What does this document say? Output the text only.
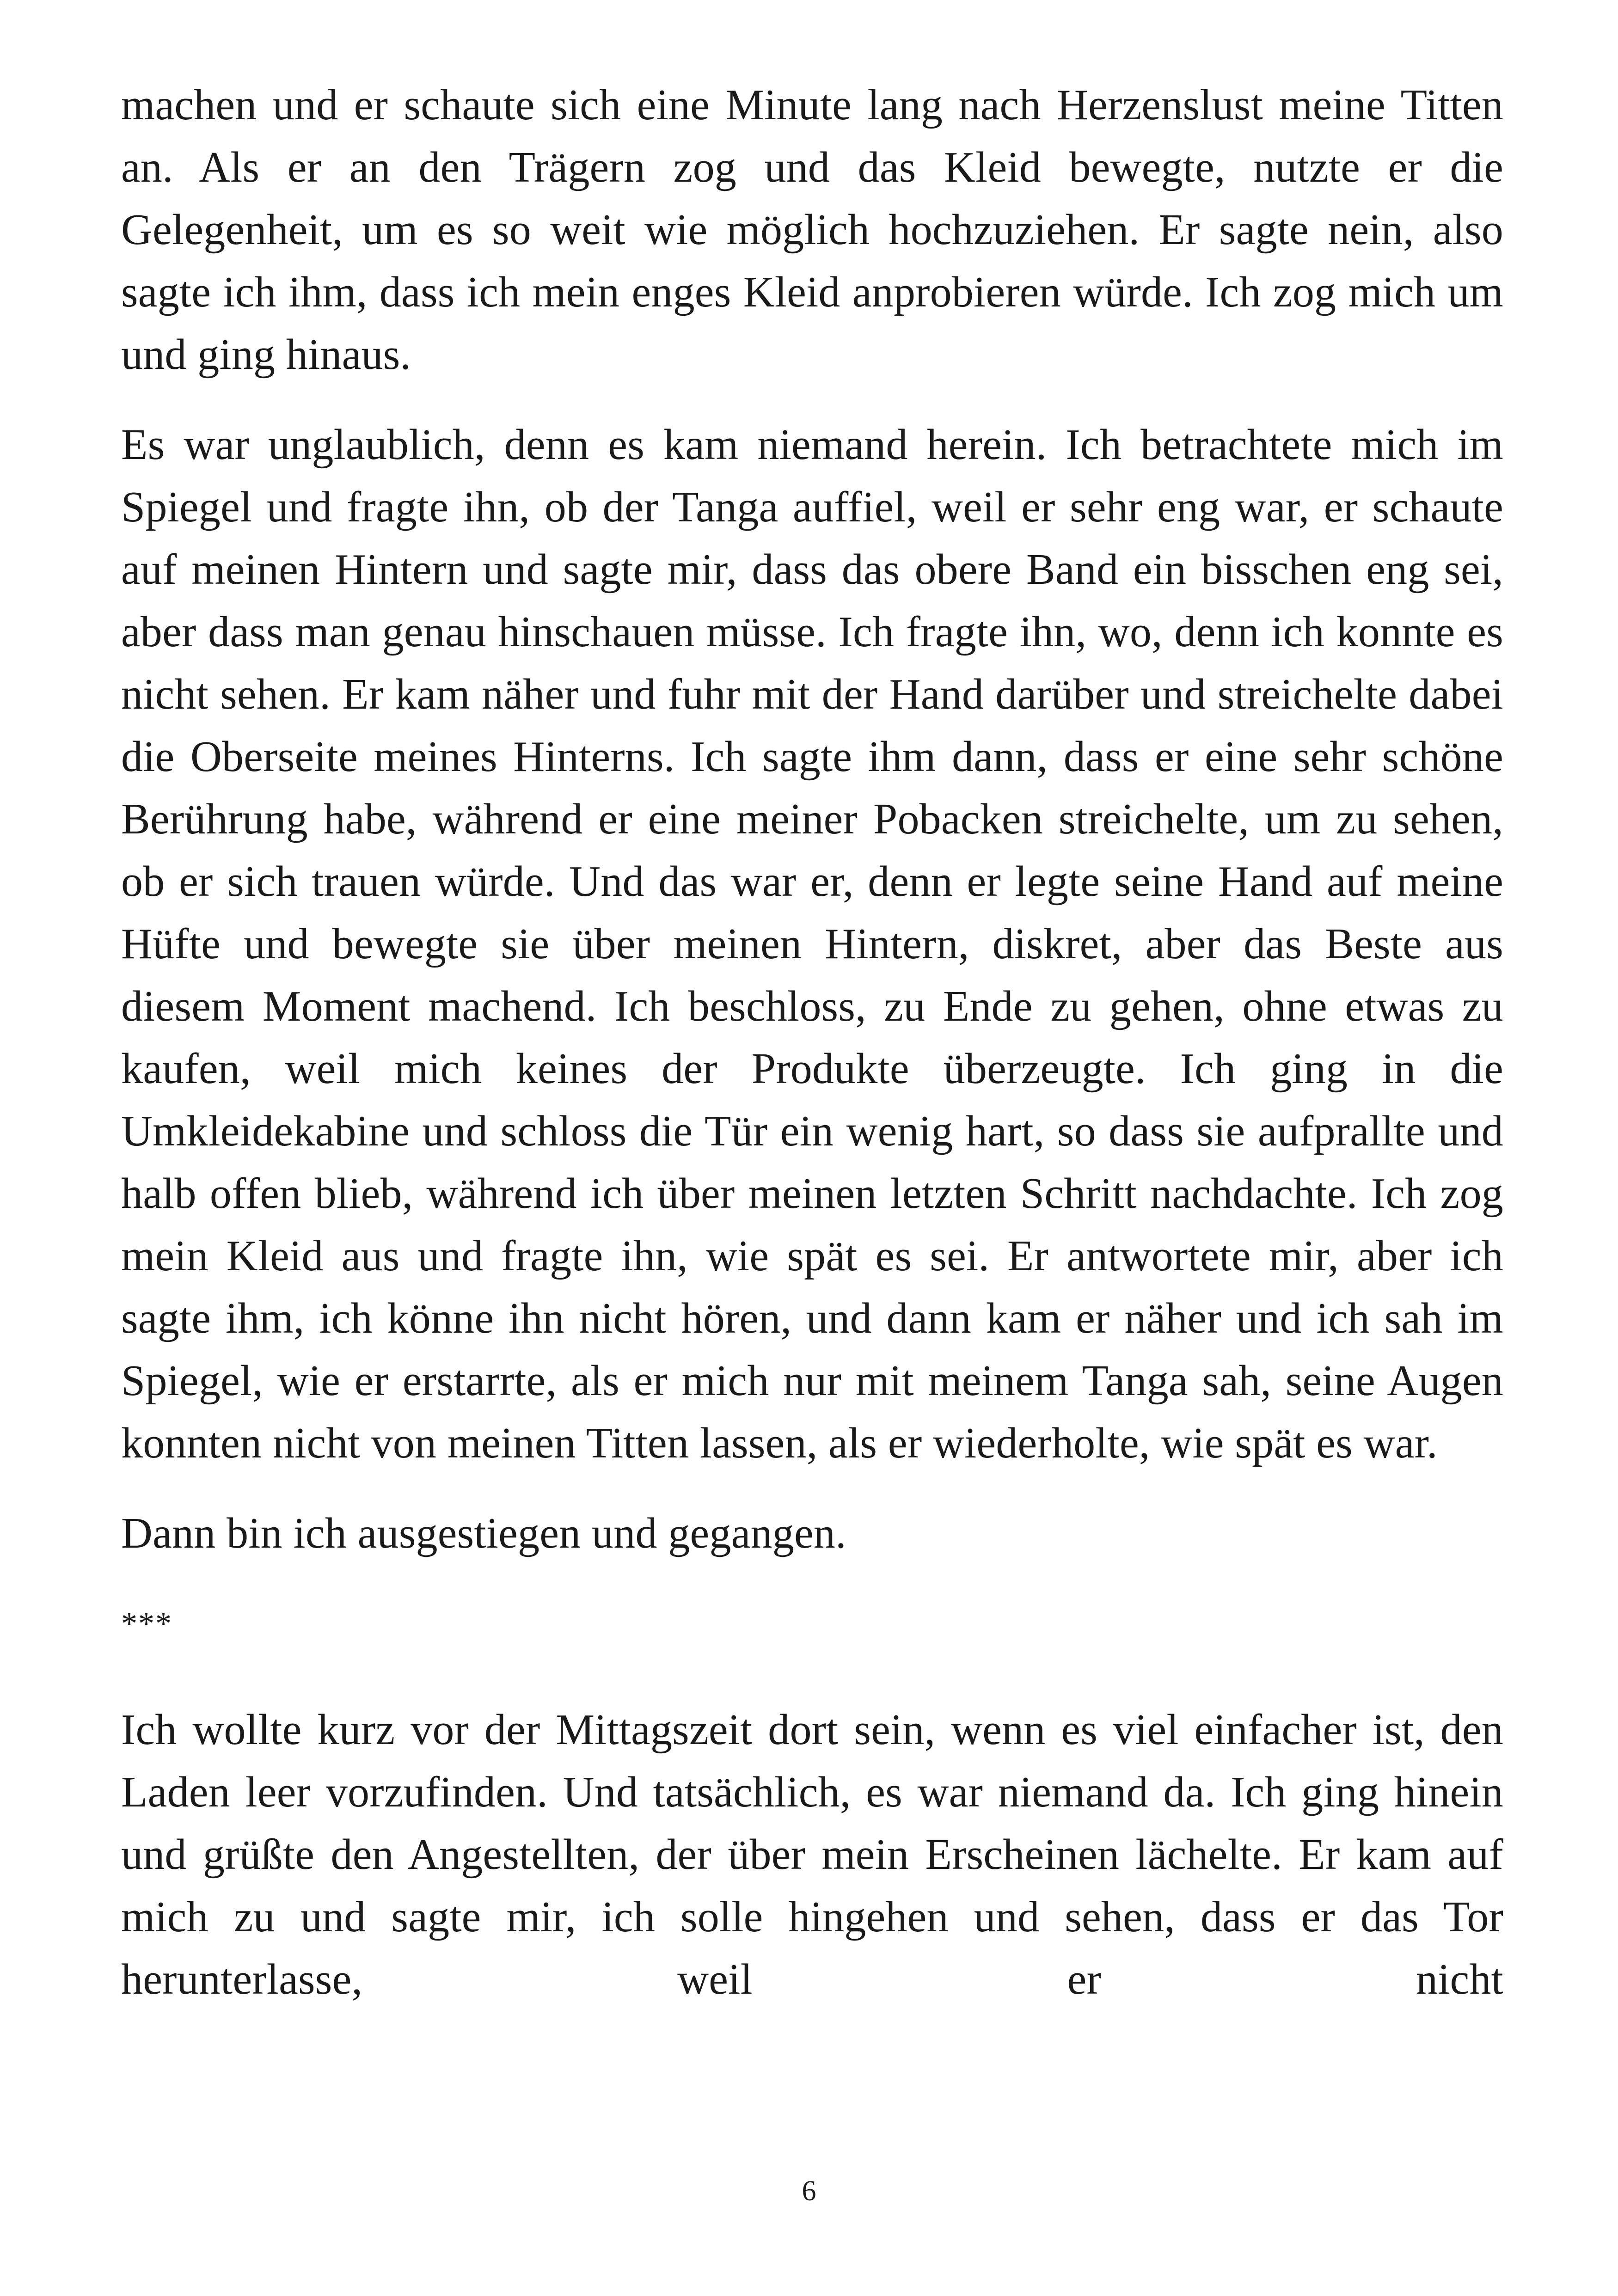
machen und er schaute sich eine Minute lang nach Herzenslust meine Titten an. Als er an den Trägern zog und das Kleid bewegte, nutzte er die Gelegenheit, um es so weit wie möglich hochzuziehen. Er sagte nein, also sagte ich ihm, dass ich mein enges Kleid anprobieren würde. Ich zog mich um und ging hinaus.

Es war unglaublich, denn es kam niemand herein. Ich betrachtete mich im Spiegel und fragte ihn, ob der Tanga auffiel, weil er sehr eng war, er schaute auf meinen Hintern und sagte mir, dass das obere Band ein bisschen eng sei, aber dass man genau hinschauen müsse. Ich fragte ihn, wo, denn ich konnte es nicht sehen. Er kam näher und fuhr mit der Hand darüber und streichelte dabei die Oberseite meines Hinterns. Ich sagte ihm dann, dass er eine sehr schöne Berührung habe, während er eine meiner Pobacken streichelte, um zu sehen, ob er sich trauen würde. Und das war er, denn er legte seine Hand auf meine Hüfte und bewegte sie über meinen Hintern, diskret, aber das Beste aus diesem Moment machend. Ich beschloss, zu Ende zu gehen, ohne etwas zu kaufen, weil mich keines der Produkte überzeugte. Ich ging in die Umkleidekabine und schloss die Tür ein wenig hart, so dass sie aufprallte und halb offen blieb, während ich über meinen letzten Schritt nachdachte. Ich zog mein Kleid aus und fragte ihn, wie spät es sei. Er antwortete mir, aber ich sagte ihm, ich könne ihn nicht hören, und dann kam er näher und ich sah im Spiegel, wie er erstarrte, als er mich nur mit meinem Tanga sah, seine Augen konnten nicht von meinen Titten lassen, als er wiederholte, wie spät es war.

Dann bin ich ausgestiegen und gegangen.

***

Ich wollte kurz vor der Mittagszeit dort sein, wenn es viel einfacher ist, den Laden leer vorzufinden. Und tatsächlich, es war niemand da. Ich ging hinein und grüßte den Angestellten, der über mein Erscheinen lächelte. Er kam auf mich zu und sagte mir, ich solle hingehen und sehen, dass er das Tor herunterlasse, weil er nicht

6
